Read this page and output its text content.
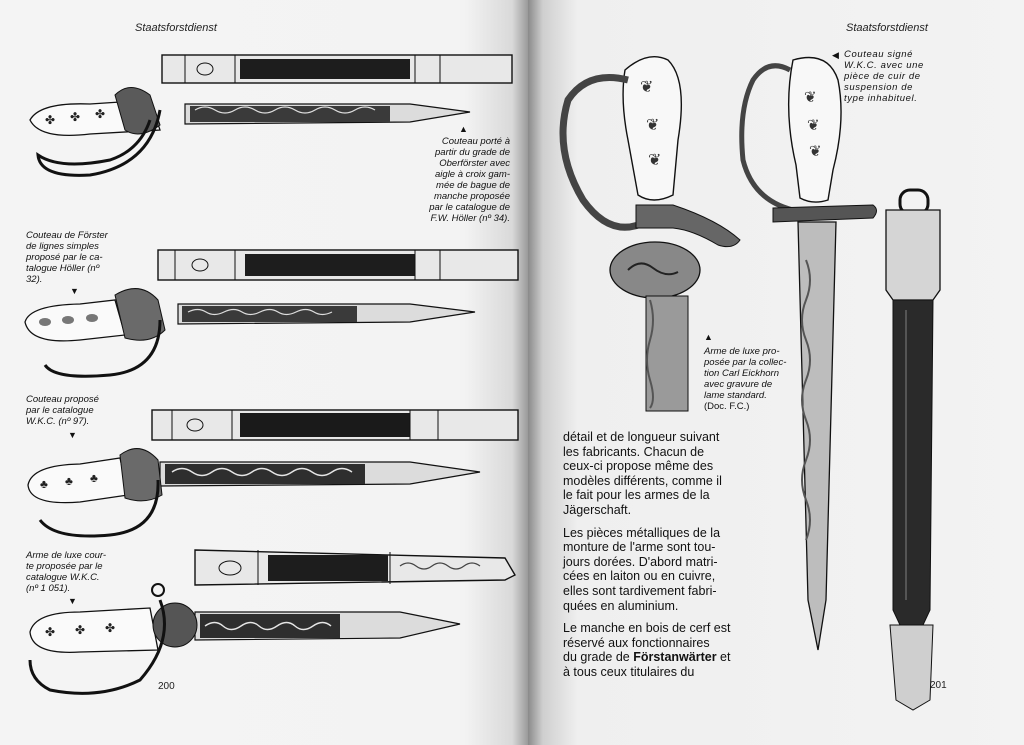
Staatsforstdienst
✤ ✤ ✤
♣ ♣ ♣
✤ ✤ ✤
▲
Couteau porté à
partir du grade de
Oberförster avec
aigle à croix gam-
mée de bague de
manche proposée
par le catalogue de
F.W. Höller (nº 34).
Couteau de Förster
de lignes simples
proposé par le ca-
talogue Höller (nº
32).
▼
Couteau proposé
par le catalogue
W.K.C. (nº 97).
▼
Arme de luxe cour-
te proposée par le
catalogue W.K.C.
(nº 1 051).
▼
200
Staatsforstdienst
❦
❦
❦
❦
❦
❦
◀ Couteau signé
W.K.C. avec une
pièce de cuir de
suspension de
type inhabituel.
▲
Arme de luxe pro-
posée par la collec-
tion Carl Eickhorn
avec gravure de
lame standard.
(Doc. F.C.)
détail et de longueur suivant
les fabricants. Chacun de
ceux-ci propose même des
modèles différents, comme il
le fait pour les armes de la
Jägerschaft.
Les pièces métalliques de la
monture de l'arme sont tou-
jours dorées. D'abord matri-
cées en laiton ou en cuivre,
elles sont tardivement fabri-
quées en aluminium.
Le manche en bois de cerf est
réservé aux fonctionnaires
du grade de Förstanwärter et
à tous ceux titulaires du
201
